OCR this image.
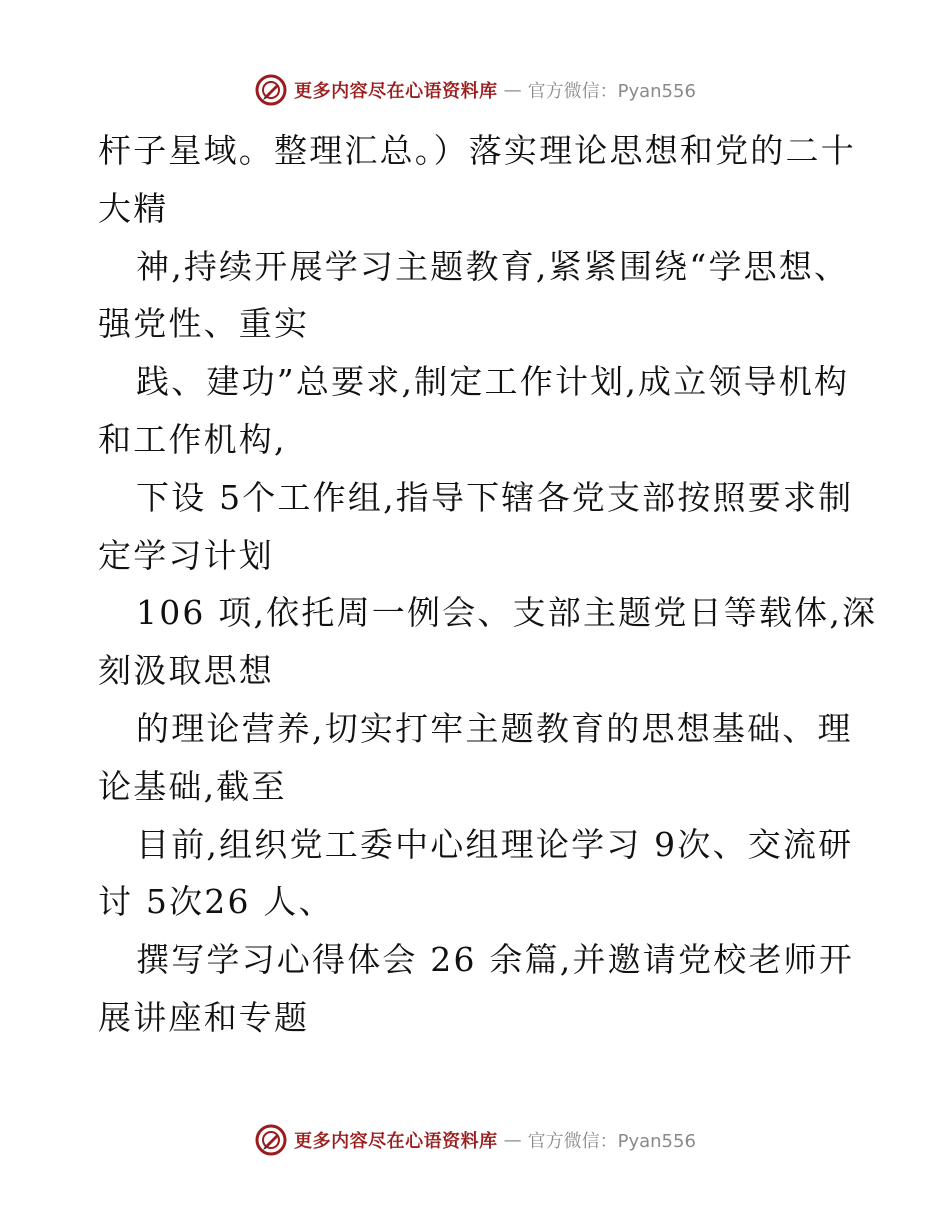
更多内容尽在心语资料库 — 官方微信：Pyan556
杆子星域。整理汇总。）落实理论思想和党的二十
大精
神,持续开展学习主题教育,紧紧围绕“学思想、
强党性、重实
践、建功”总要求,制定工作计划,成立领导机构
和工作机构,
下设 5个工作组,指导下辖各党支部按照要求制
定学习计划
106 项,依托周一例会、支部主题党日等载体,深
刻汲取思想
的理论营养,切实打牢主题教育的思想基础、理
论基础,截至
目前,组织党工委中心组理论学习 9次、交流研
讨 5次26 人、
撰写学习心得体会 26 余篇,并邀请党校老师开
展讲座和专题
更多内容尽在心语资料库 — 官方微信：Pyan556
